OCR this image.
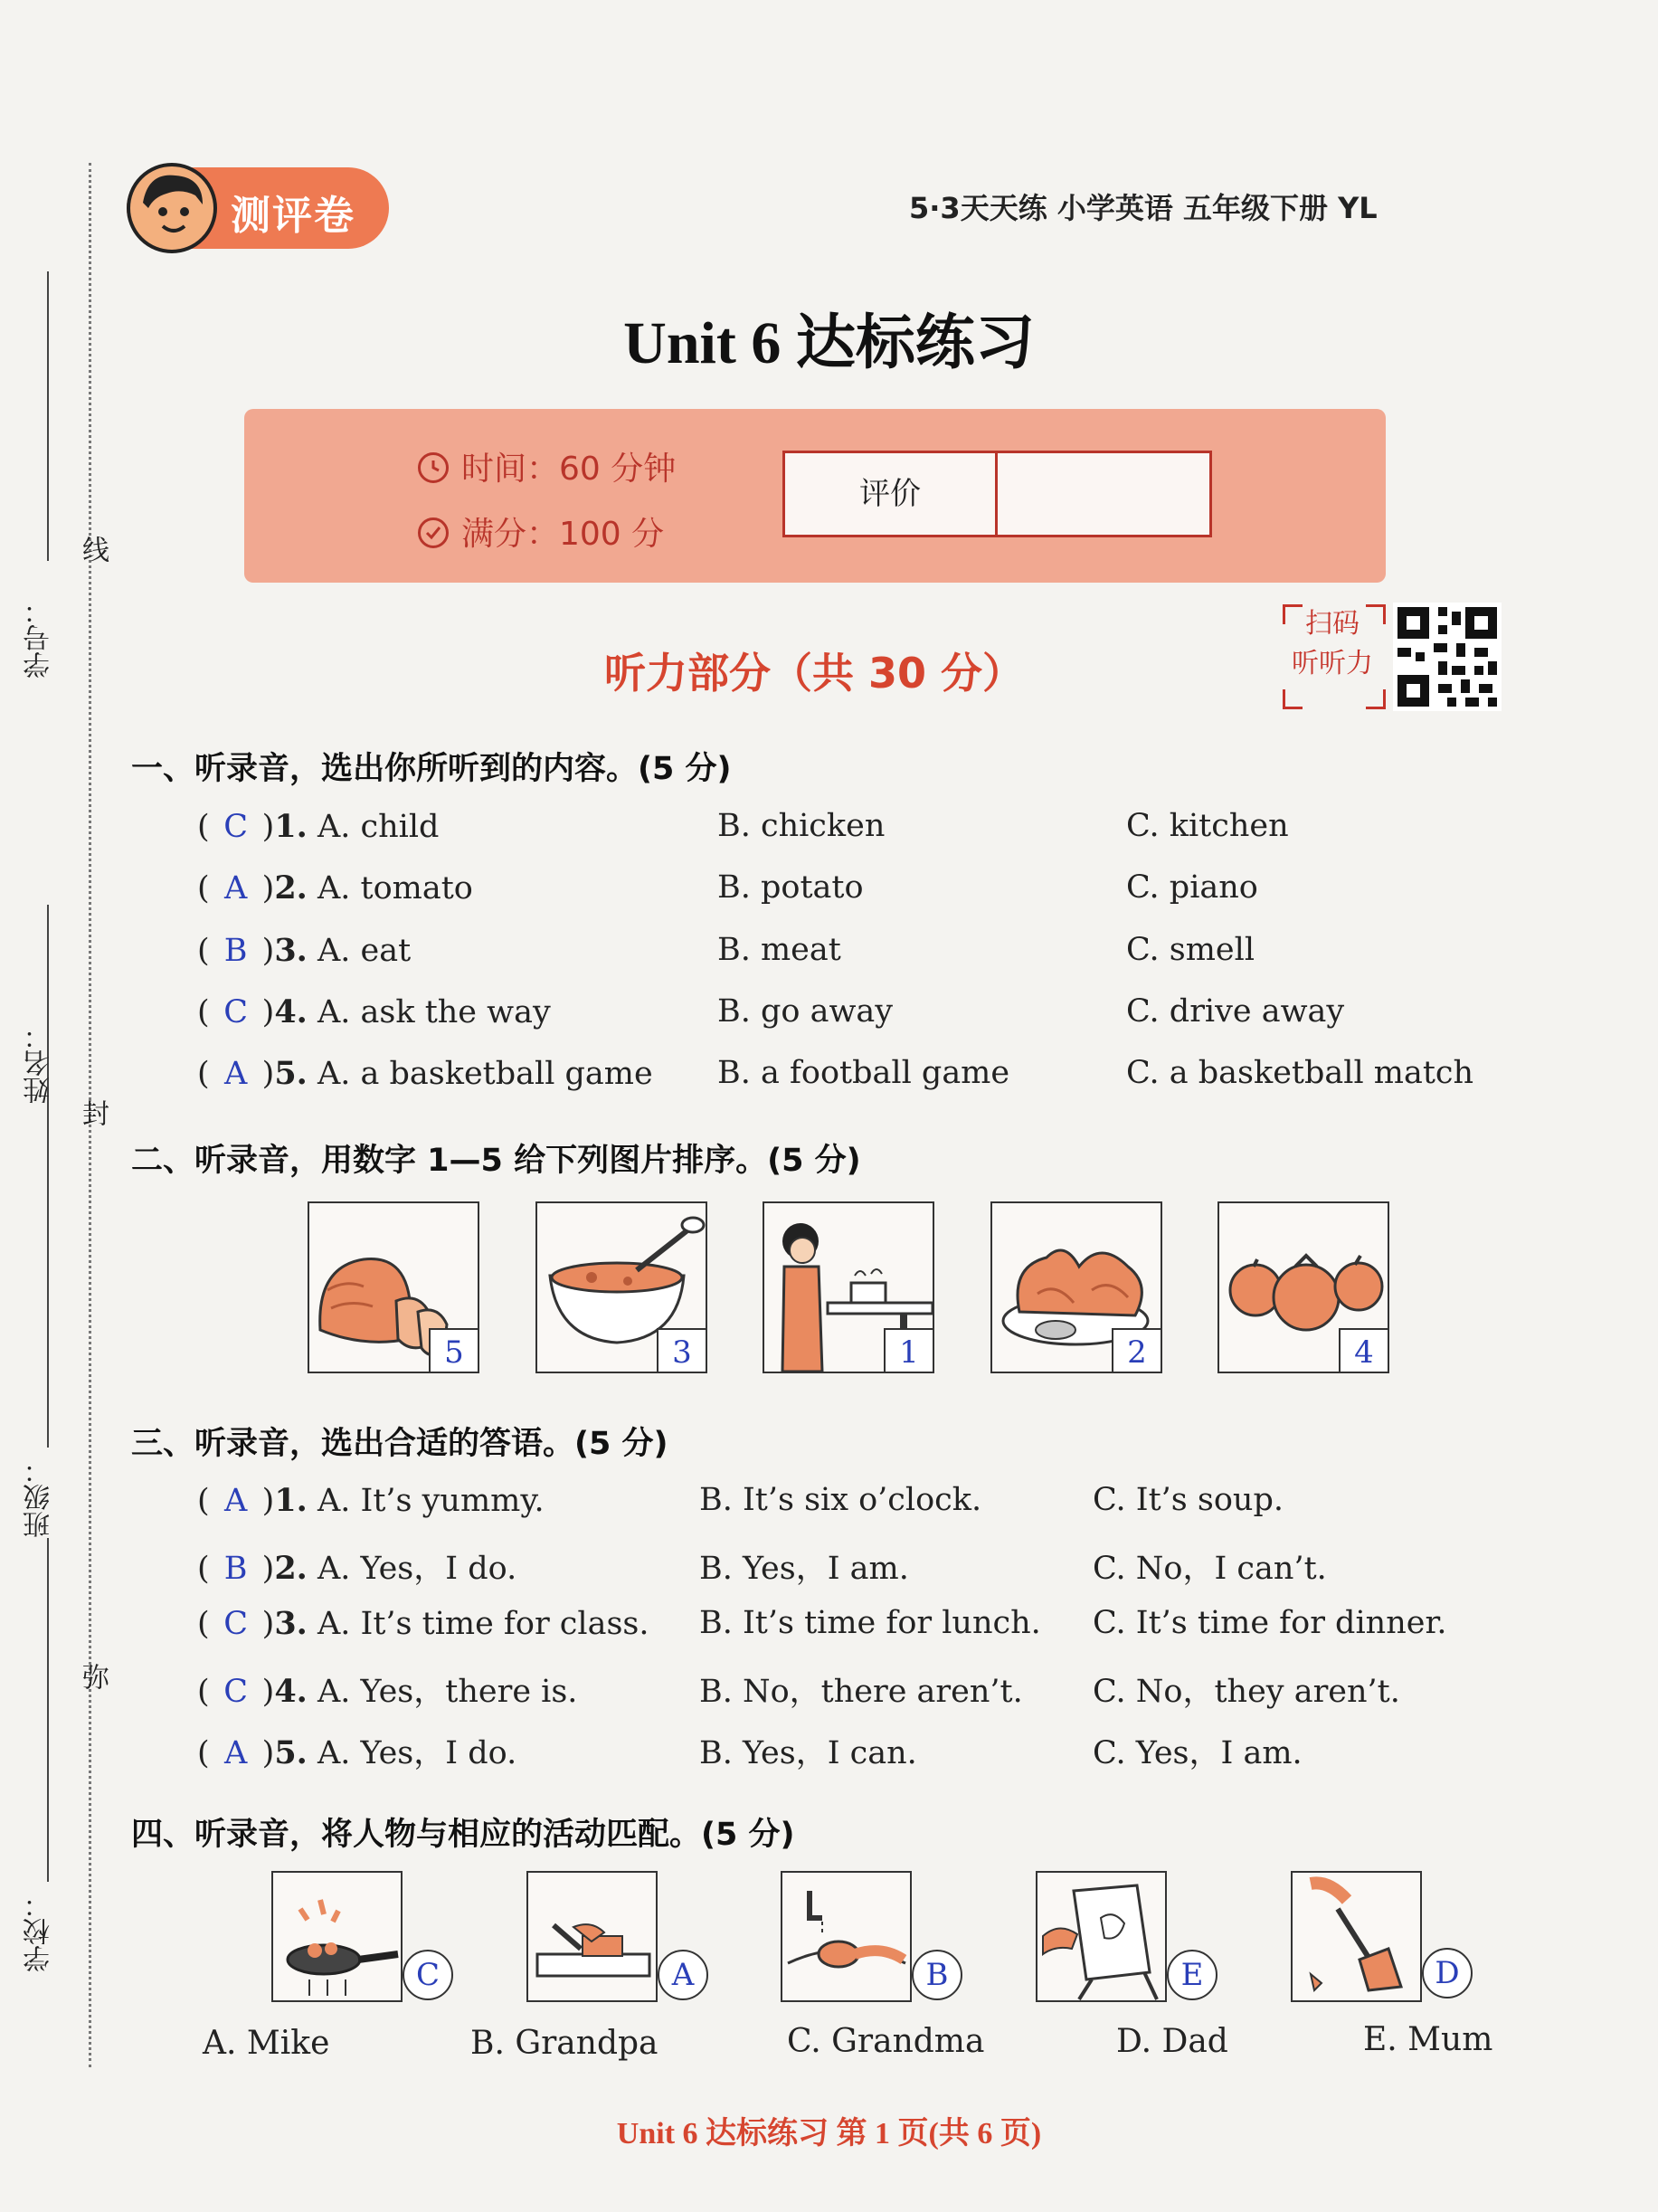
学号：
姓名：
班级：
学校：
线
封
弥
测评卷	5·3天天练 小学英语 五年级下册 YL
Unit 6 达标练习
时间：60 分钟
满分：100 分
评价
听力部分（共 30 分）
扫码
听听力
一、听录音，选出你所听到的内容。(5 分)
( C )1. A. child	B. chicken	C. kitchen
( A )2. A. tomato	B. potato	C. piano
( B )3. A. eat	B. meat	C. smell
( C )4. A. ask the way	B. go away	C. drive away
( A )5. A. a basketball game B. a football game	C. a basketball match
二、听录音，用数字 1—5 给下列图片排序。(5 分)
5	3	1	2	4
三、听录音，选出合适的答语。(5 分)
( A )1. A. It’s yummy.	B. It’s six o’clock.	C. It’s soup.
( B )2. A. Yes，I do.	B. Yes，I am.	C. No，I can’t.
( C )3. A. It’s time for class. B. It’s time for lunch. C. It’s time for dinner.
( C )4. A. Yes，there is.	B. No，there aren’t. C. No，they aren’t.
( A )5. A. Yes，I do.	B. Yes，I can.	C. Yes，I am.
四、听录音，将人物与相应的活动匹配。(5 分)
C	A	B	E	D
A. Mike	B. Grandpa	C. Grandma	D. Dad	E. Mum
Unit 6 达标练习 第 1 页(共 6 页)
